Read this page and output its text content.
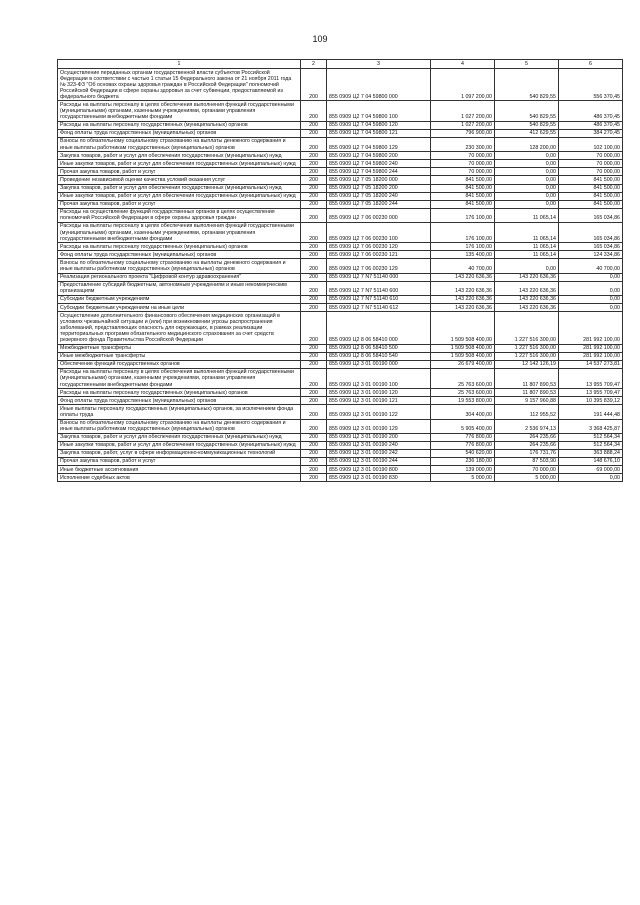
109
1	2	3	4	5	6
Осуществление переданных органам государственной власти субъектов Российской Федерации в соответствии с частью 1 статьи 15 Федерального закона от 21 ноября 2011 года № 323-ФЗ "Об основах охраны здоровья граждан в Российской Федерации" полномочий Российской Федерации в сфере охраны здоровья за счет субвенции, предоставляемой из федерального бюджета	200	855 0909 Ц2 7 04 59800 000	1 097 200,00	540 829,55	556 370,45
Расходы на выплаты персоналу в целях обеспечения выполнения функций государственными (муниципальными) органами, казенными учреждениями, органами управления государственными внебюджетными фондами	200	855 0909 Ц2 7 04 59800 100	1 027 200,00	540 829,55	486 370,45
Расходы на выплаты персоналу государственных (муниципальных) органов	200	855 0909 Ц2 7 04 59800 120	1 027 200,00	540 829,55	486 370,45
Фонд оплаты труда государственных (муниципальных) органов	200	855 0909 Ц2 7 04 59800 121	796 900,00	412 629,55	384 270,45
Взносы по обязательному социальному страхованию на выплаты денежного содержания и иные выплаты работникам государственных (муниципальных) органов	200	855 0909 Ц2 7 04 59800 129	230 300,00	128 200,00	102 100,00
Закупка товаров, работ и услуг для обеспечения государственных (муниципальных) нужд	200	855 0909 Ц2 7 04 59800 200	70 000,00	0,00	70 000,00
Иные закупки товаров, работ и услуг для обеспечения государственных (муниципальных) нужд	200	855 0909 Ц2 7 04 59800 240	70 000,00	0,00	70 000,00
Прочая закупка товаров, работ и услуг	200	855 0909 Ц2 7 04 59800 244	70 000,00	0,00	70 000,00
Проведение независимой оценки качества условий оказания услуг	200	855 0909 Ц2 7 05 18200 000	841 500,00	0,00	841 500,00
Закупка товаров, работ и услуг для обеспечения государственных (муниципальных) нужд	200	855 0909 Ц2 7 05 18200 200	841 500,00	0,00	841 500,00
Иные закупки товаров, работ и услуг для обеспечения государственных (муниципальных) нужд	200	855 0909 Ц2 7 05 18200 240	841 500,00	0,00	841 500,00
Прочая закупка товаров, работ и услуг	200	855 0909 Ц2 7 05 18200 244	841 500,00	0,00	841 500,00
Расходы на осуществление функций государственных органов в целях осуществления полномочий Российской Федерации в сфере охраны здоровья граждан	200	855 0909 Ц2 7 06 00230 000	176 100,00	11 065,14	165 034,86
Расходы на выплаты персоналу в целях обеспечения выполнения функций государственными (муниципальными) органами, казенными учреждениями, органами управления государственными внебюджетными фондами	200	855 0909 Ц2 7 06 00230 100	176 100,00	11 065,14	165 034,86
Расходы на выплаты персоналу государственных (муниципальных) органов	200	855 0909 Ц2 7 06 00230 120	176 100,00	11 065,14	165 034,86
Фонд оплаты труда государственных (муниципальных) органов	200	855 0909 Ц2 7 06 00230 121	135 400,00	11 065,14	124 334,86
Взносы по обязательному социальному страхованию на выплаты денежного содержания и иные выплаты работникам государственных (муниципальных) органов	200	855 0909 Ц2 7 06 00230 129	40 700,00	0,00	40 700,00
Реализация регионального проекта "Цифровой контур здравоохранения"	200	855 0909 Ц2 7 N7 51140 000	143 220 636,36	143 220 636,36	0,00
Предоставление субсидий бюджетным, автономным учреждениям и иным некоммерческим организациям	200	855 0909 Ц2 7 N7 51140 600	143 220 636,36	143 220 636,36	0,00
Субсидии бюджетным учреждениям	200	855 0909 Ц2 7 N7 51140 610	143 220 636,36	143 220 636,36	0,00
Субсидии бюджетным учреждениям на иные цели	200	855 0909 Ц2 7 N7 51140 612	143 220 636,36	143 220 636,36	0,00
Осуществление дополнительного финансового обеспечения медицинских организаций в условиях чрезвычайной ситуации и (или) при возникновении угрозы распространения заболеваний, представляющих опасность для окружающих, в рамках реализации территориальных программ обязательного медицинского страхования за счет средств резервного фонда Правительства Российской Федерации	200	855 0909 Ц2 8 06 58410 000	1 509 508 400,00	1 227 516 300,00	281 992 100,00
Межбюджетные трансферты	200	855 0909 Ц2 8 06 58410 500	1 509 508 400,00	1 227 516 300,00	281 992 100,00
Иные межбюджетные трансферты	200	855 0909 Ц2 8 06 58410 540	1 509 508 400,00	1 227 516 300,00	281 992 100,00
Обеспечение функций государственных органов	200	855 0909 Ц2 3 01 00190 000	26 679 400,00	12 142 126,19	14 537 273,81
Расходы на выплаты персоналу в целях обеспечения выполнения функций государственными (муниципальными) органами, казенными учреждениями, органами управления государственными внебюджетными фондами	200	855 0909 Ц2 3 01 00190 100	25 763 600,00	11 807 890,53	13 955 709,47
Расходы на выплаты персоналу государственных (муниципальных) органов	200	855 0909 Ц2 3 01 00190 120	25 763 600,00	11 807 890,53	13 955 709,47
Фонд оплаты труда государственных (муниципальных) органов	200	855 0909 Ц2 3 01 00190 121	19 553 800,00	9 157 960,88	10 395 839,12
Иные выплаты персоналу государственных (муниципальных) органов, за исключением фонда оплаты труда	200	855 0909 Ц2 3 01 00190 122	304 400,00	112 955,52	191 444,48
Взносы по обязательному социальному страхованию на выплаты денежного содержания и иные выплаты работникам государственных (муниципальных) органов	200	855 0909 Ц2 3 01 00190 129	5 905 400,00	2 536 974,13	3 368 425,87
Закупка товаров, работ и услуг для обеспечения государственных (муниципальных) нужд	200	855 0909 Ц2 3 01 00190 200	776 800,00	264 235,66	512 564,34
Иные закупки товаров, работ и услуг для обеспечения государственных (муниципальных) нужд	200	855 0909 Ц2 3 01 00190 240	776 800,00	264 235,66	512 564,34
Закупка товаров, работ, услуг в сфере информационно-коммуникационных технологий	200	855 0909 Ц2 3 01 00190 242	540 620,00	176 731,76	363 888,24
Прочая закупка товаров, работ и услуг	200	855 0909 Ц2 3 01 00190 244	236 180,00	87 503,90	148 676,10
Иные бюджетные ассигнования	200	855 0909 Ц2 3 01 00190 800	139 000,00	70 000,00	69 000,00
Исполнение судебных актов	200	855 0909 Ц2 3 01 00190 830	5 000,00	5 000,00	0,00
